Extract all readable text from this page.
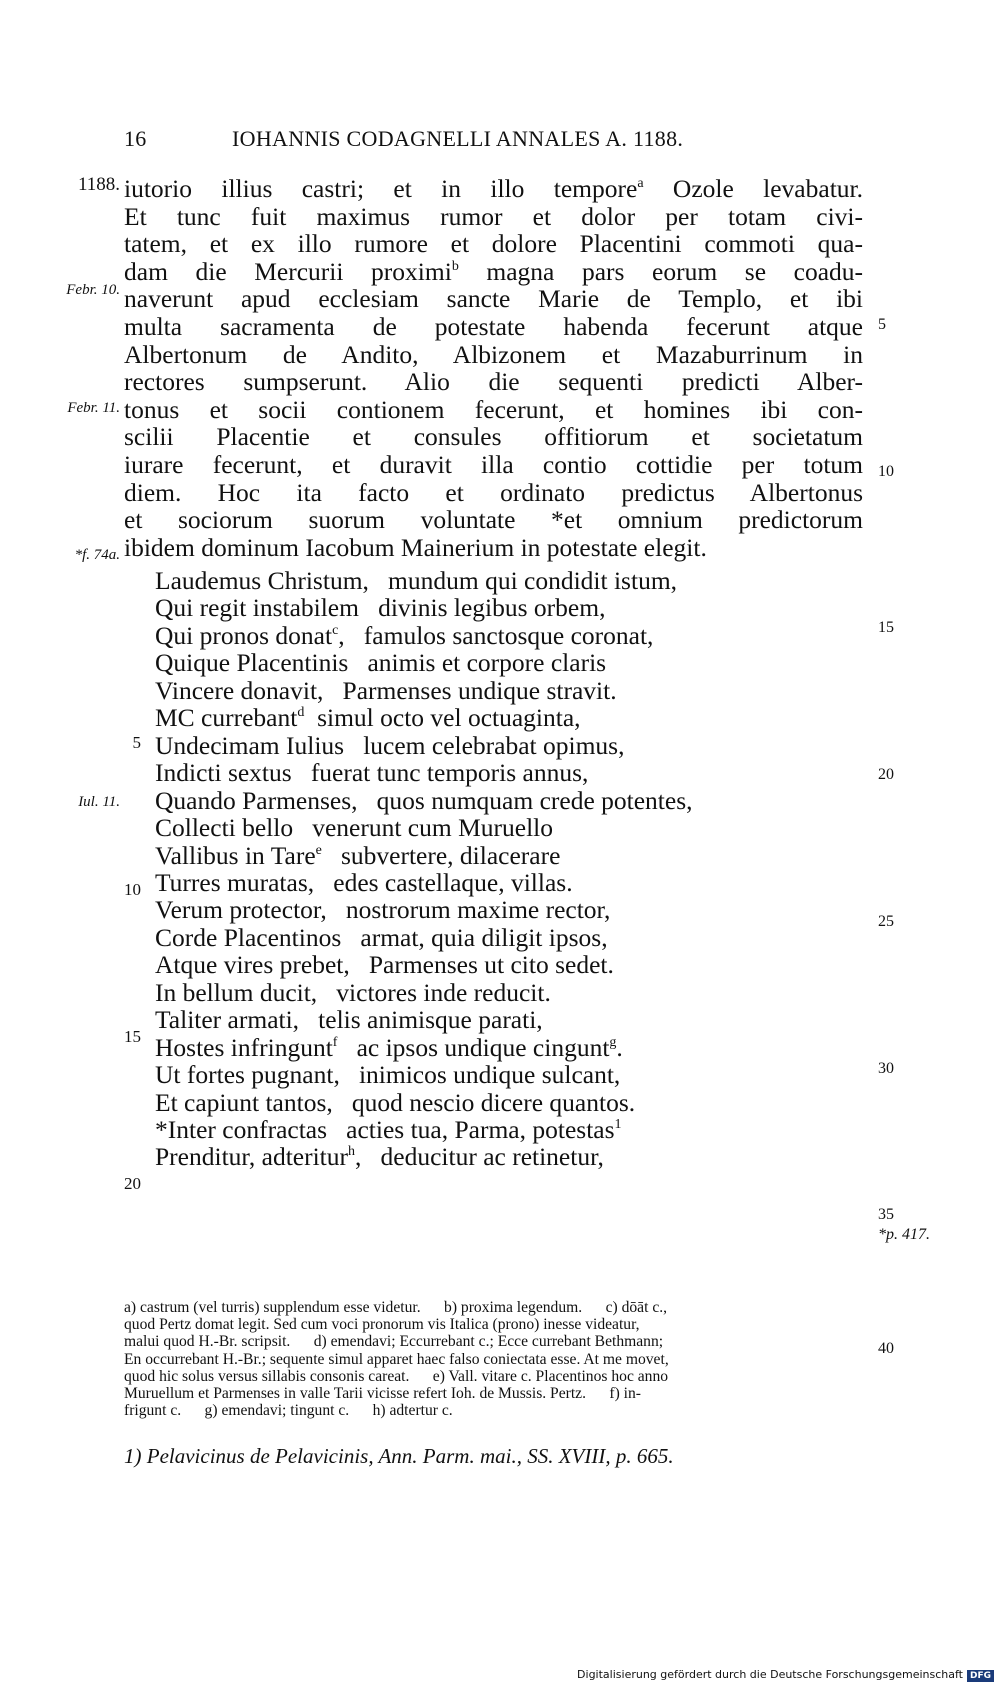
16	IOHANNIS CODAGNELLI ANNALES A. 1188.
1188.
Febr. 10.
Febr. 11.
*f. 74a.
Iul. 11.
iutorio illius castri; et in illo tempore$^a$ Ozole levabatur.
Et tunc fuit maximus rumor et dolor per totam civi-
tatem, et ex illo rumore et dolore Placentini commoti qua-
dam die Mercurii proximi$^b$ magna pars eorum se coadu-
naverunt apud ecclesiam sancte Marie de Templo, et ibi
multa sacramenta de potestate habenda fecerunt atque
Albertonum de Andito, Albizonem et Mazaburrinum in
rectores sumpserunt. Alio die sequenti predicti Alber-
tonus et socii contionem fecerunt, et homines ibi con-
scilii Placentie et consules offitiorum et societatum
iurare fecerunt, et duravit illa contio cottidie per totum
diem. Hoc ita facto et ordinato predictus Albertonus
et sociorum suorum voluntate *et omnium predictorum
ibidem dominum Iacobum Mainerium in potestate elegit.
Laudemus Christum,   mundum qui condidit istum,
Qui regit instabilem   divinis legibus orbem,
Qui pronos donat$^c$,   famulos sanctosque coronat,
Quique Placentinis   animis et corpore claris
Vincere donavit,   Parmenses undique stravit.
MC currebant$^d$  simul octo vel octuaginta,
Undecimam Iulius   lucem celebrabat opimus,
Indicti sextus   fuerat tunc temporis annus,
Quando Parmenses,   quos numquam crede potentes,
Collecti bello   venerunt cum Muruello
Vallibus in Tare$^e$   subvertere, dilacerare
Turres muratas,   edes castellaque, villas.
Verum protector,   nostrorum maxime rector,
Corde Placentinos   armat, quia diligit ipsos,
Atque vires prebet,   Parmenses ut cito sedet.
In bellum ducit,   victores inde reducit.
Taliter armati,   telis animisque parati,
Hostes infringunt$^f$   ac ipsos undique cingunt$^g$.
Ut fortes pugnant,   inimicos undique sulcant,
Et capiunt tantos,   quod nescio dicere quantos.
*Inter confractas   acties tua, Parma, potestas$^1$
Prenditur, adteritur$^h$,   deducitur ac retinetur,
5
10
15
20
5
10
15
20
25
30
35
*p. 417.
40
a) castrum (vel turris) supplendum esse videtur.      b) proxima legendum.      c) dōāt c.,
quod Pertz domat legit. Sed cum voci pronorum vis Italica (prono) inesse videatur,
malui quod H.-Br. scripsit.      d) emendavi; Eccurrebant c.; Ecce currebant Bethmann;
En occurrebant H.-Br.; sequente simul apparet haec falso coniectata esse. At me movet,
quod hic solus versus sillabis consonis careat.      e) Vall. vitare c. Placentinos hoc anno
Muruellum et Parmenses in valle Tarii vicisse refert Ioh. de Mussis. Pertz.      f) in-
frigunt c.      g) emendavi; tingunt c.      h) adtertur c.
1) Pelavicinus de Pelavicinis, Ann. Parm. mai., SS. XVIII, p. 665.
Digitalisierung gefördert durch die Deutsche Forschungsgemeinschaft DFG
